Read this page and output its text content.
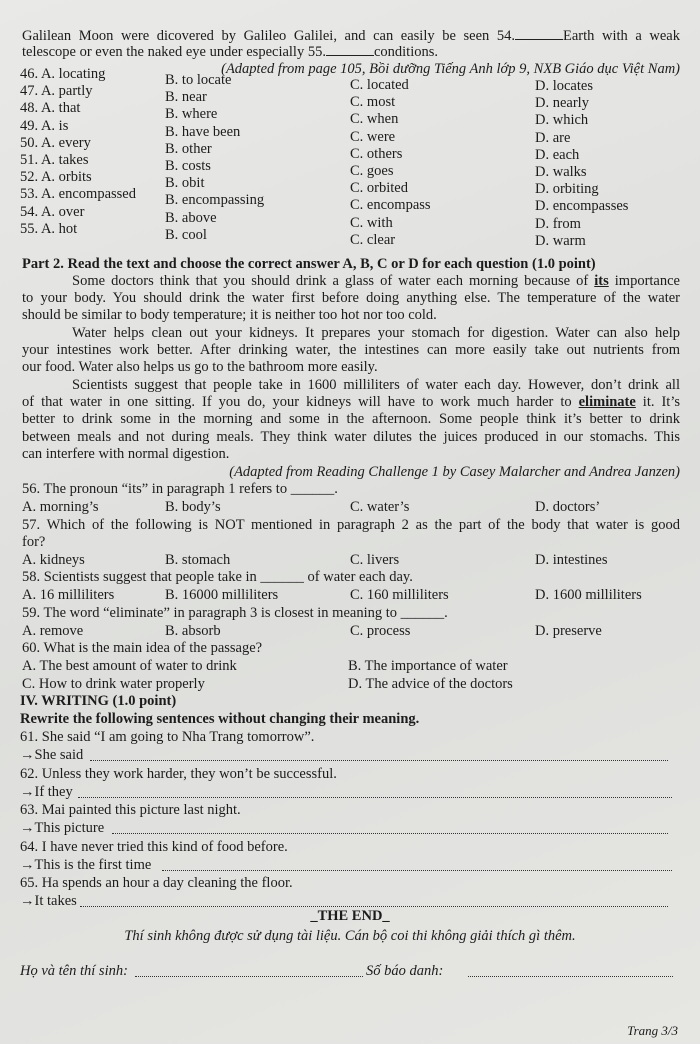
Galilean Moon were dicovered by Galileo Galilei, and can easily be seen 54.	Earth with a weak
telescope or even the naked eye under especially 55.	conditions.
(Adapted from page 105, Bồi dưỡng Tiếng Anh lớp 9, NXB Giáo dục Việt Nam)
46. A. locating	B. to locate	C. located	D. locates
47. A. partly	B. near	C. most	D. nearly
48. A. that	B. where	C. when	D. which
49. A. is	B. have been	C. were	D. are
50. A. every	B. other	C. others	D. each
51. A. takes	B. costs	C. goes	D. walks
52. A. orbits	B. obit	C. orbited	D. orbiting
53. A. encompassed B. encompassing	C. encompass	D. encompasses
54. A. over	B. above	C. with	D. from
55. A. hot	B. cool	C. clear	D. warm
Part 2. Read the text and choose the correct answer A, B, C or D for each question (1.0 point)
Some doctors think that you should drink a glass of water each morning because of its importance
to your body. You should drink the water first before doing anything else. The temperature of the water
should be similar to body temperature; it is neither too hot nor too cold.
Water helps clean out your kidneys. It prepares your stomach for digestion. Water can also help
your intestines work better. After drinking water, the intestines can more easily take out nutrients from
our food. Water also helps us go to the bathroom more easily.
Scientists suggest that people take in 1600 milliliters of water each day. However, don’t drink all
of that water in one sitting. If you do, your kidneys will have to work much harder to eliminate it. It’s
better to drink some in the morning and some in the afternoon. Some people think it’s better to drink
between meals and not during meals. They think water dilutes the juices produced in our stomachs. This
can interfere with normal digestion.
(Adapted from Reading Challenge 1 by Casey Malarcher and Andrea Janzen)
56. The pronoun “its” in paragraph 1 refers to ______.
A. morning’s	B. body’s	C. water’s	D. doctors’
57. Which of the following is NOT mentioned in paragraph 2 as the part of the body that water is good
for?
A. kidneys	B. stomach	C. livers	D. intestines
58. Scientists suggest that people take in ______ of water each day.
A. 16 milliliters	B. 16000 milliliters	C. 160 milliliters	D. 1600 milliliters
59. The word “eliminate” in paragraph 3 is closest in meaning to ______.
A. remove	B. absorb	C. process	D. preserve
60. What is the main idea of the passage?
A. The best amount of water to drink	B. The importance of water
C. How to drink water properly	D. The advice of the doctors
IV. WRITING (1.0 point)
Rewrite the following sentences without changing their meaning.
61. She said “I am going to Nha Trang tomorrow”.
→She said
62. Unless they work harder, they won’t be successful.
→If they
63. Mai painted this picture last night.
→This picture
64. I have never tried this kind of food before.
→This is the first time
65. Ha spends an hour a day cleaning the floor.
→It takes
_THE END_
Thí sinh không được sử dụng tài liệu. Cán bộ coi thi không giải thích gì thêm.
Họ và tên thí sinh:	Số báo danh:
Trang 3/3
